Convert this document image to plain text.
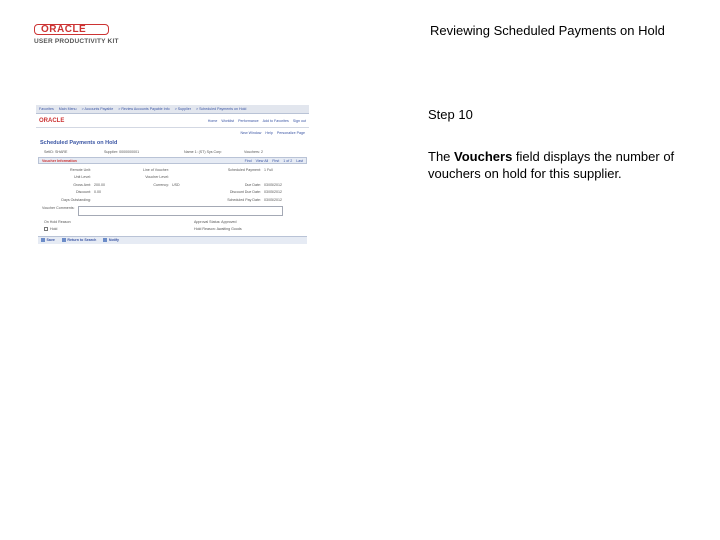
ORACLE
USER PRODUCTIVITY KIT
Reviewing Scheduled Payments on Hold
Favorites Main Menu > Accounts Payable > Review Accounts Payable Info > Supplier > Scheduled Payments on Hold
ORACLE	Home Worklist Performance Add to Favorites Sign out
New Window Help Personalize Page
Scheduled Payments on Hold
SetID: SHARE	Supplier: 0000000001	Name 1: (ST) Sys Corp	Vouchers: 2
Voucher Information	Find View All First 1 of 2 Last
Remote Unit:	Line of Voucher:	Scheduled Payment: 1 Full
Unit Level:	Voucher Level:
Gross Amt: 200.00	Currency: USD	Due Date: 03/05/2012
Discount: 0.00	Discount Due Date: 03/05/2012
Days Outstanding:	Scheduled Pay Date: 03/05/2012
Voucher Comments:
On Hold Reason	Approval Status: Approved
Hold	Hold Reason: Awaiting Goods
Save	Return to Search	Notify
Step 10
The Vouchers field displays the number of vouchers on hold for this supplier.
